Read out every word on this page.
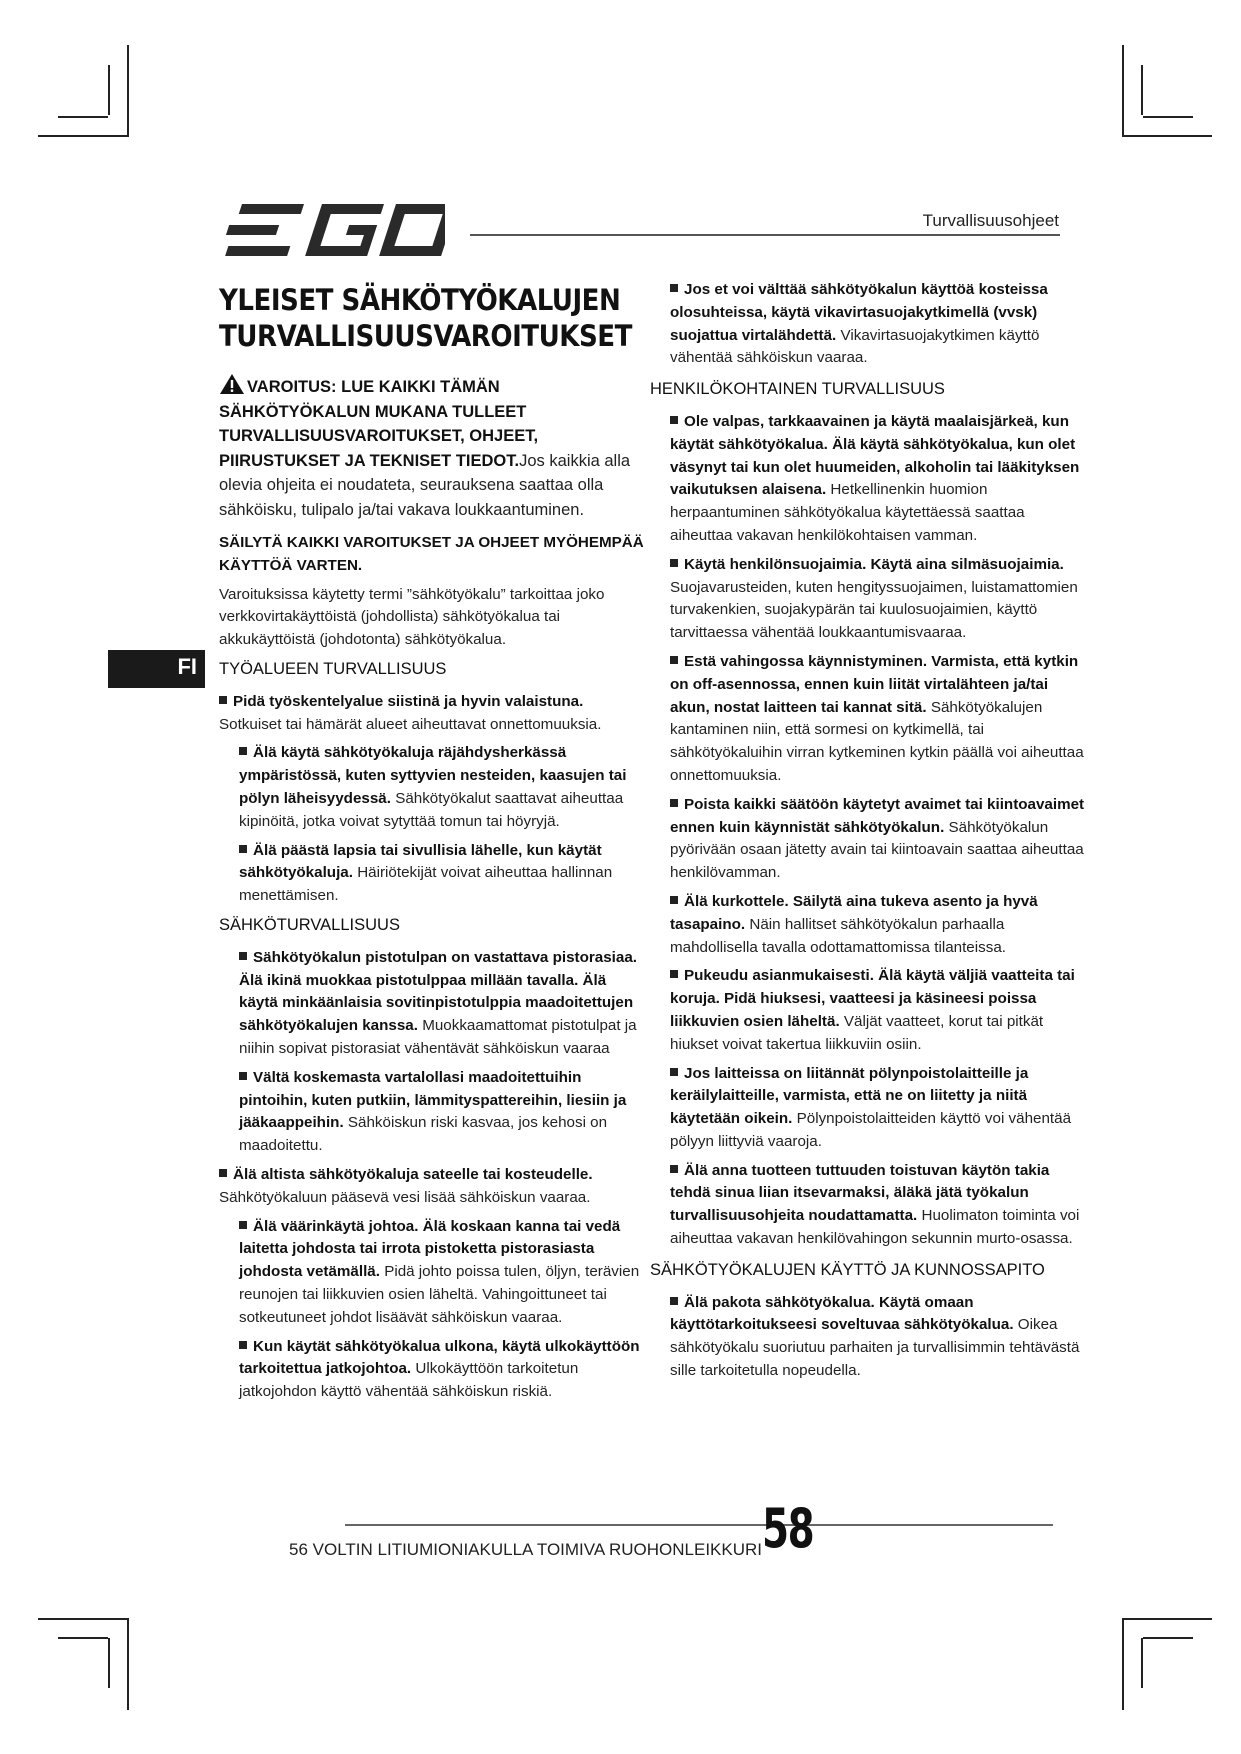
Turvallisuusohjeet
YLEISET SÄHKÖTYÖKALUJEN
TURVALLISUUSVAROITUKSET
FI

VAROITUS: LUE KAIKKI TÄMÄN SÄHKÖTYÖKALUN MUKANA TULLEET TURVALLISUUSVAROITUKSET, OHJEET, PIIRUSTUKSET JA TEKNISET TIEDOT.Jos kaikkia alla olevia ohjeita ei noudateta, seurauksena saattaa olla sähköisku, tulipalo ja/tai vakava loukkaantuminen.

SÄILYTÄ KAIKKI VAROITUKSET JA OHJEET MYÖHEMPÄÄ KÄYTTÖÄ VARTEN.

Varoituksissa käytetty termi ”sähkötyökalu” tarkoittaa joko verkkovirtakäyttöistä (johdollista) sähkötyökalua tai akkukäyttöistä (johdotonta) sähkötyökalua.

TYÖALUEEN TURVALLISUUS

Pidä työskentelyalue siistinä ja hyvin valaistuna. Sotkuiset tai hämärät alueet aiheuttavat onnettomuuksia.

Älä käytä sähkötyökaluja räjähdysherkässä ympäristössä, kuten syttyvien nesteiden, kaasujen tai pölyn läheisyydessä. Sähkötyökalut saattavat aiheuttaa kipinöitä, jotka voivat sytyttää tomun tai höyryjä.

Älä päästä lapsia tai sivullisia lähelle, kun käytät sähkötyökaluja. Häiriötekijät voivat aiheuttaa hallinnan menettämisen.

SÄHKÖTURVALLISUUS

Sähkötyökalun pistotulpan on vastattava pistorasiaa. Älä ikinä muokkaa pistotulppaa millään tavalla. Älä käytä minkäänlaisia sovitinpistotulppia maadoitettujen sähkötyökalujen kanssa. Muokkaamattomat pistotulpat ja niihin sopivat pistorasiat vähentävät sähköiskun vaaraa

Vältä koskemasta vartalollasi maadoitettuihin pintoihin, kuten putkiin, lämmityspattereihin, liesiin ja jääkaappeihin. Sähköiskun riski kasvaa, jos kehosi on maadoitettu.

Älä altista sähkötyökaluja sateelle tai kosteudelle. Sähkötyökaluun pääsevä vesi lisää sähköiskun vaaraa.

Älä väärinkäytä johtoa. Älä koskaan kanna tai vedä laitetta johdosta tai irrota pistoketta pistorasiasta johdosta vetämällä. Pidä johto poissa tulen, öljyn, terävien reunojen tai liikkuvien osien läheltä. Vahingoittuneet tai sotkeutuneet johdot lisäävät sähköiskun vaaraa.

Kun käytät sähkötyökalua ulkona, käytä ulkokäyttöön tarkoitettua jatkojohtoa. Ulkokäyttöön tarkoitetun jatkojohdon käyttö vähentää sähköiskun riskiä.

Jos et voi välttää sähkötyökalun käyttöä kosteissa olosuhteissa, käytä vikavirtasuojakytkimellä (vvsk) suojattua virtalähdettä. Vikavirtasuojakytkimen käyttö vähentää sähköiskun vaaraa.

HENKILÖKOHTAINEN TURVALLISUUS

Ole valpas, tarkkaavainen ja käytä maalaisjärkeä, kun käytät sähkötyökalua. Älä käytä sähkötyökalua, kun olet väsynyt tai kun olet huumeiden, alkoholin tai lääkityksen vaikutuksen alaisena. Hetkellinenkin huomion herpaantuminen sähkötyökalua käytettäessä saattaa aiheuttaa vakavan henkilökohtaisen vamman.

Käytä henkilönsuojaimia. Käytä aina silmäsuojaimia. Suojavarusteiden, kuten hengityssuojaimen, luistamattomien turvakenkien, suojakypärän tai kuulosuojaimien, käyttö tarvittaessa vähentää loukkaantumisvaaraa.

Estä vahingossa käynnistyminen. Varmista, että kytkin on off-asennossa, ennen kuin liität virtalähteen ja/tai akun, nostat laitteen tai kannat sitä. Sähkötyökalujen kantaminen niin, että sormesi on kytkimellä, tai sähkötyökaluihin virran kytkeminen kytkin päällä voi aiheuttaa onnettomuuksia.

Poista kaikki säätöön käytetyt avaimet tai kiintoavaimet ennen kuin käynnistät sähkötyökalun. Sähkötyökalun pyörivään osaan jätetty avain tai kiintoavain saattaa aiheuttaa henkilövamman.

Älä kurkottele. Säilytä aina tukeva asento ja hyvä tasapaino. Näin hallitset sähkötyökalun parhaalla mahdollisella tavalla odottamattomissa tilanteissa.

Pukeudu asianmukaisesti. Älä käytä väljiä vaatteita tai koruja. Pidä hiuksesi, vaatteesi ja käsineesi poissa liikkuvien osien läheltä. Väljät vaatteet, korut tai pitkät hiukset voivat takertua liikkuviin osiin.

Jos laitteissa on liitännät pölynpoistolaitteille ja keräilylaitteille, varmista, että ne on liitetty ja niitä käytetään oikein. Pölynpoistolaitteiden käyttö voi vähentää pölyyn liittyviä vaaroja.

Älä anna tuotteen tuttuuden toistuvan käytön takia tehdä sinua liian itsevarmaksi, äläkä jätä työkalun turvallisuusohjeita noudattamatta. Huolimaton toiminta voi aiheuttaa vakavan henkilövahingon sekunnin murto-osassa.

SÄHKÖTYÖKALUJEN KÄYTTÖ JA KUNNOSSAPITO

Älä pakota sähkötyökalua. Käytä omaan käyttötarkoitukseesi soveltuvaa sähkötyökalua. Oikea sähkötyökalu suoriutuu parhaiten ja turvallisimmin tehtävästä sille tarkoitetulla nopeudella.

56 VOLTIN LITIUMIONIAKULLA TOIMIVA RUOHONLEIKKURI 58
